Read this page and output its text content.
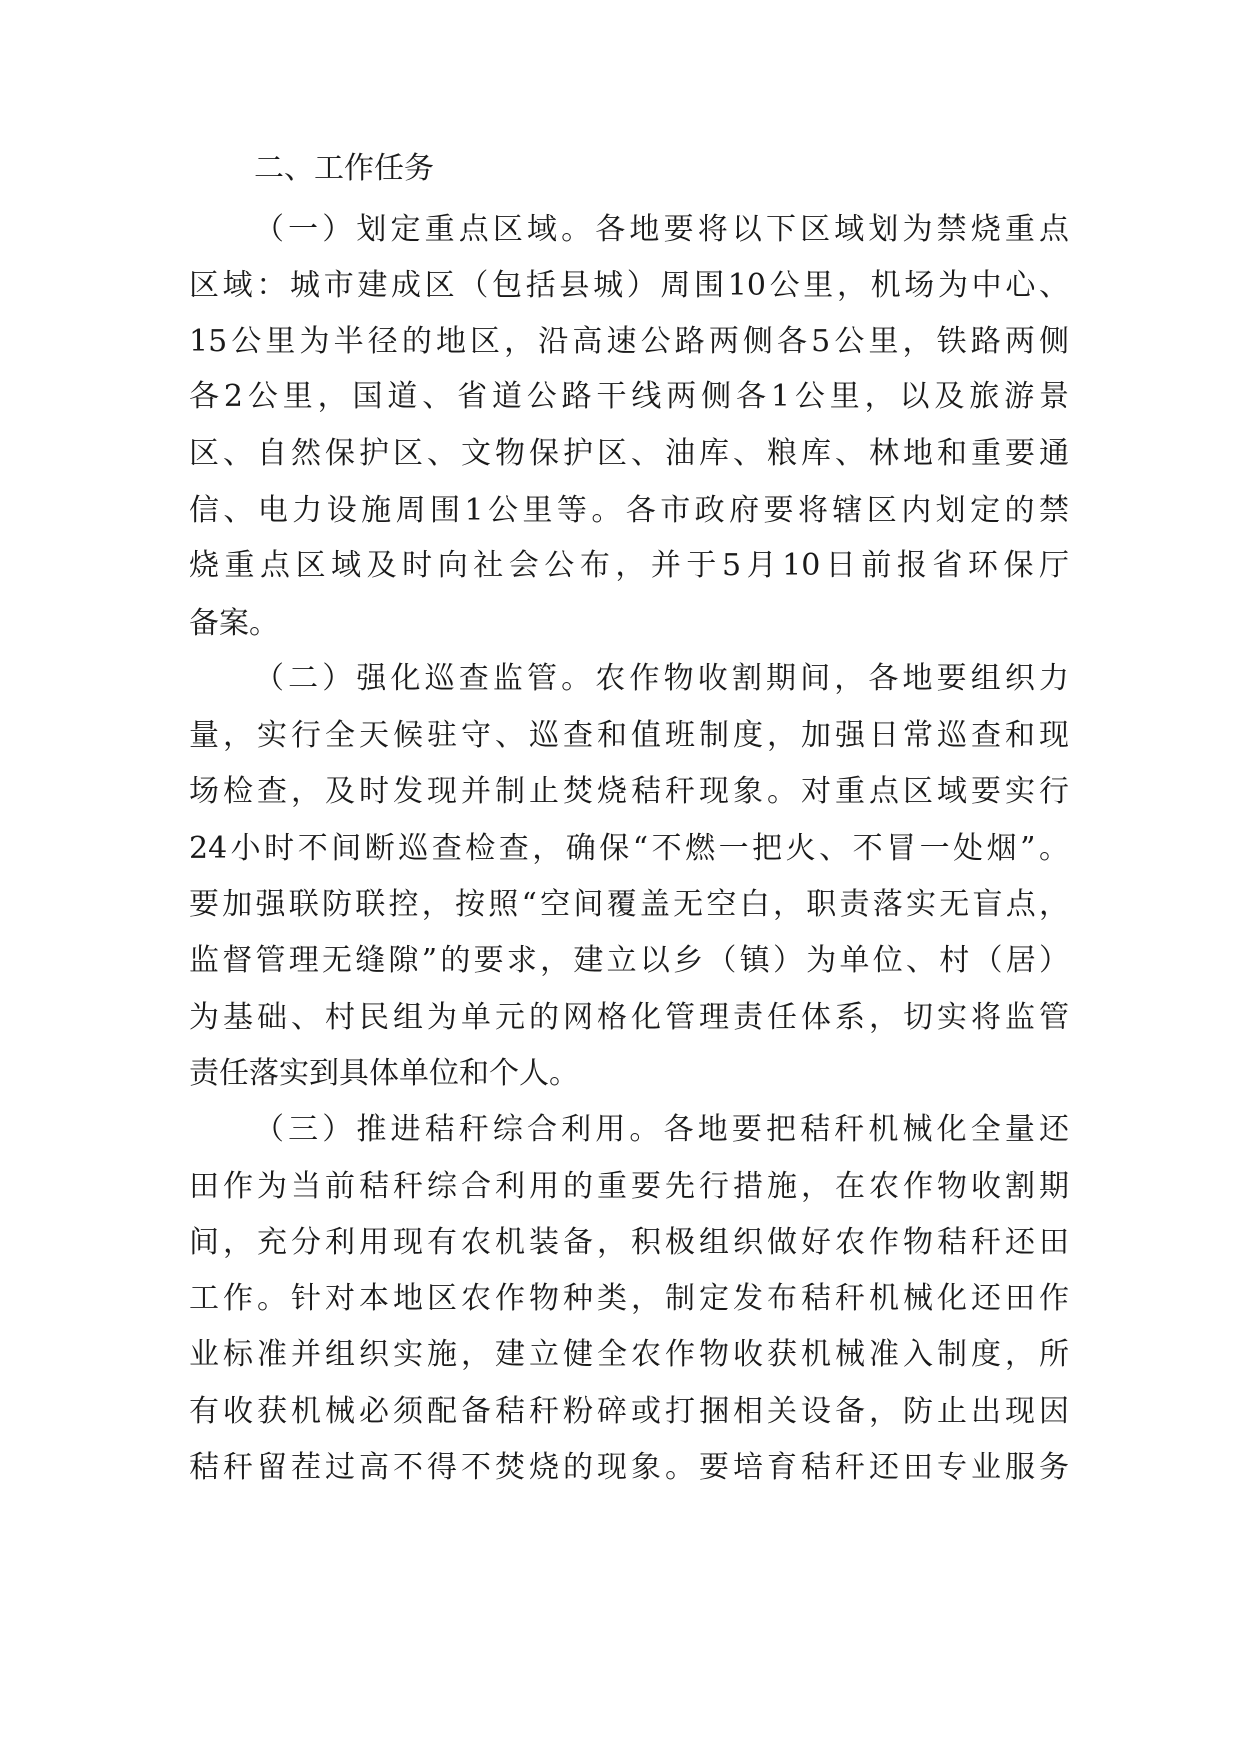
二、工作任务
（一）划定重点区域。各地要将以下区域划为禁烧重点
区域：城市建成区（包括县城）周围10公里，机场为中心、
15公里为半径的地区，沿高速公路两侧各5公里，铁路两侧
各2公里，国道、省道公路干线两侧各1公里，以及旅游景
区、自然保护区、文物保护区、油库、粮库、林地和重要通
信、电力设施周围1公里等。各市政府要将辖区内划定的禁
烧重点区域及时向社会公布，并于5月10日前报省环保厅
备案。
（二）强化巡查监管。农作物收割期间，各地要组织力
量，实行全天候驻守、巡查和值班制度，加强日常巡查和现
场检查，及时发现并制止焚烧秸秆现象。对重点区域要实行
24小时不间断巡查检查，确保“不燃一把火、不冒一处烟”。
要加强联防联控，按照“空间覆盖无空白，职责落实无盲点，
监督管理无缝隙”的要求，建立以乡（镇）为单位、村（居）
为基础、村民组为单元的网格化管理责任体系，切实将监管
责任落实到具体单位和个人。
（三）推进秸秆综合利用。各地要把秸秆机械化全量还
田作为当前秸秆综合利用的重要先行措施，在农作物收割期
间，充分利用现有农机装备，积极组织做好农作物秸秆还田
工作。针对本地区农作物种类，制定发布秸秆机械化还田作
业标准并组织实施，建立健全农作物收获机械准入制度，所
有收获机械必须配备秸秆粉碎或打捆相关设备，防止出现因
秸秆留茬过高不得不焚烧的现象。要培育秸秆还田专业服务
